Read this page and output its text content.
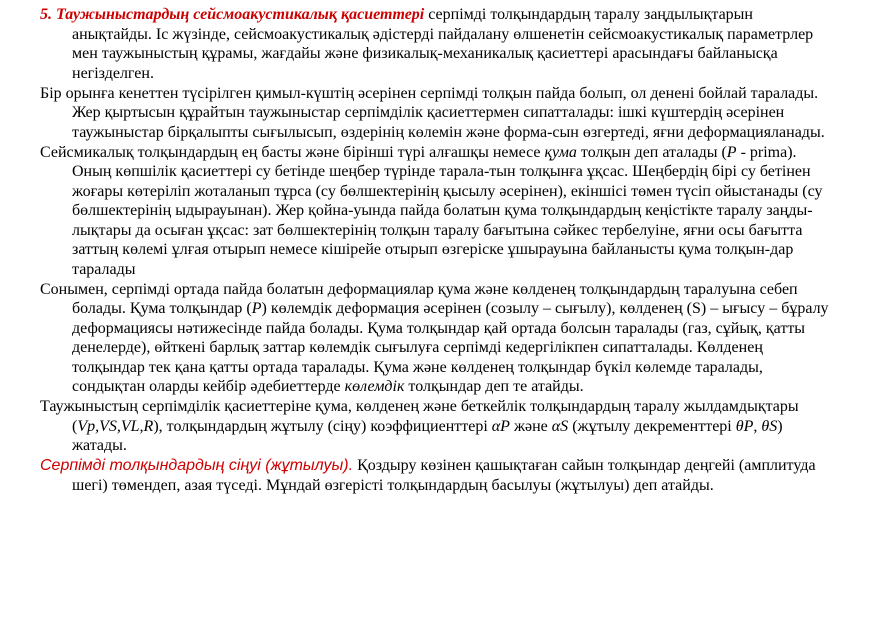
5. Таужыныстардың сейсмоакустикалық қасиеттері серпімді толқындардың таралу заңдылықтарын анықтайды. Іс жүзінде, сейсмоакустикалық әдістерді пайдалану өлшенетін сейсмоакустикалық параметрлер мен таужыныстың құрамы, жағдайы және физикалық-механикалық қасиеттері арасындағы байланысқа негізделген.

Бір орынға кенеттен түсірілген қимыл-күштің әсерінен серпімді толқын пайда болып, ол денені бойлай таралады. Жер қыртысын құрайтын таужыныстар серпімділік қасиеттермен сипатталады: ішкі күштердің әсерінен таужыныстар бірқалыпты сығылысып, өздерінің көлемін және форма-сын өзгертеді, яғни деформацияланады.

Сейсмикалық толқындардың ең басты және бірінші түрі алғашқы немесе қума толқын деп аталады (P - prima). Оның көпшілік қасиеттері су бетінде шеңбер түрінде тарала-тын толқынға ұқсас. Шеңбердің бірі су бетінен жоғары көтеріліп жоталанып тұрса (су бөлшектерінің қысылу әсерінен), екіншісі төмен түсіп ойыстанады (су бөлшектерінің ыдырауынан). Жер қойна-уында пайда болатын қума толқындардың кеңістікте таралу заңды-лықтары да осыған ұқсас: зат бөлшектерінің толқын таралу бағытына сәйкес тербелуіне, яғни осы бағытта заттың көлемі ұлғая отырып немесе кішірейе отырып өзгеріске ұшырауына байланысты қума толқын-дар таралады

Сонымен, серпімді ортада пайда болатын деформациялар қума және көлденең толқындардың таралуына себеп болады. Қума толқындар (P) көлемдік деформация әсерінен (созылу – сығылу), көлденең (S) – ығысу – бұралу деформациясы нәтижесінде пайда болады. Қума толқындар қай ортада болсын таралады (газ, сұйық, қатты денелерде), өйткені барлық заттар көлемдік сығылуға серпімді кедергілікпен сипатталады. Көлденең толқындар тек қана қатты ортада таралады. Қума және көлденең толқындар бүкіл көлемде таралады, сондықтан оларды кейбір әдебиеттерде көлемдік толқындар деп те атайды.

Таужыныстың серпімділік қасиеттеріне қума, көлденең және беткейлік толқындардың таралу жылдамдықтары (Vp,VS,VL,R), толқындардың жұтылу (сіңу) коэффициенттері αP және αS (жұтылу декременттері θP, θS) жатады.

Серпімді толқындардың сіңуі (жұтылуы). Қоздыру көзінен қашықтаған сайын толқындар деңгейі (амплитуда шегі) төмендеп, азая түседі. Мұндай өзгерісті толқындардың басылуы (жұтылуы) деп атайды.
